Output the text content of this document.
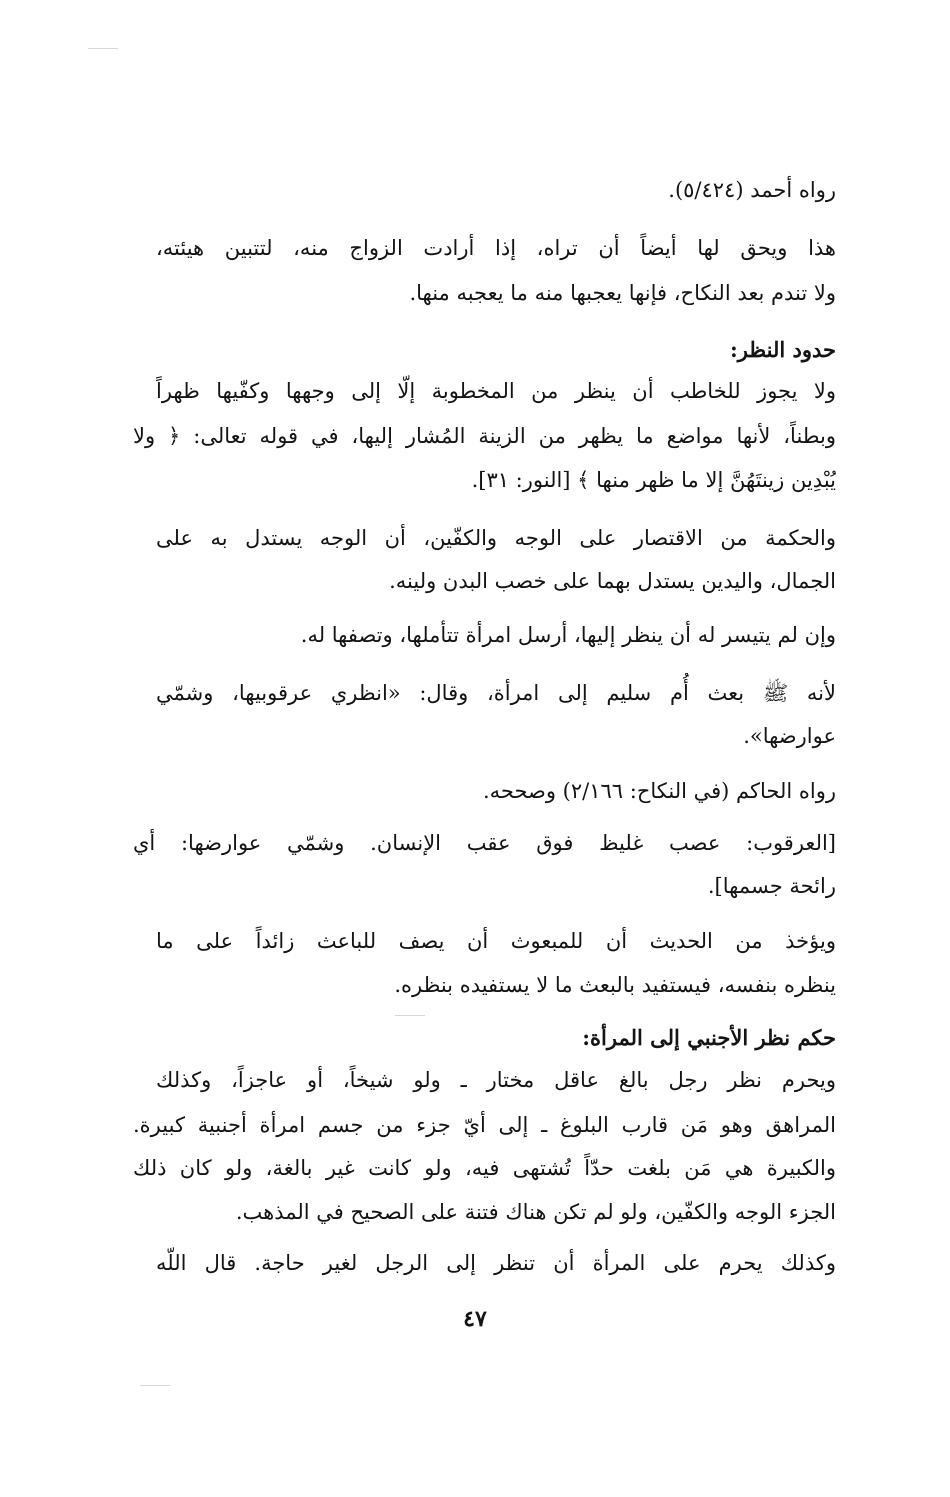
رواه أحمد (٥/٤٢٤).
هذا ويحق لها أيضاً أن تراه، إذا أرادت الزواج منه، لتتبين هيئته،
ولا تندم بعد النكاح، فإنها يعجبها منه ما يعجبه منها.
حدود النظر:
ولا يجوز للخاطب أن ينظر من المخطوبة إلّا إلى وجهها وكفّيها ظهراً
وبطناً، لأنها مواضع ما يظهر من الزينة المُشار إليها، في قوله تعالى: ﴿ ولا
يُبْدِين زينتَهُنَّ إلا ما ظهر منها ﴾ [النور: ٣١].
والحكمة من الاقتصار على الوجه والكفّين، أن الوجه يستدل به على
الجمال، واليدين يستدل بهما على خصب البدن ولينه.
وإن لم يتيسر له أن ينظر إليها، أرسل امرأة تتأملها، وتصفها له.
لأنه ﷺ بعث أُم سليم إلى امرأة، وقال: «انظري عرقوبيها، وشمّي
عوارضها».
رواه الحاكم (في النكاح: ٢/١٦٦) وصححه.
[العرقوب: عصب غليظ فوق عقب الإنسان. وشمّي عوارضها: أي
رائحة جسمها].
ويؤخذ من الحديث أن للمبعوث أن يصف للباعث زائداً على ما
ينظره بنفسه، فيستفيد بالبعث ما لا يستفيده بنظره.
حكم نظر الأجنبي إلى المرأة:
ويحرم نظر رجل بالغ عاقل مختار ـ ولو شيخاً، أو عاجزاً، وكذلك
المراهق وهو مَن قارب البلوغ ـ إلى أيّ جزء من جسم امرأة أجنبية كبيرة.
والكبيرة هي مَن بلغت حدّاً تُشتهى فيه، ولو كانت غير بالغة، ولو كان ذلك
الجزء الوجه والكفّين، ولو لم تكن هناك فتنة على الصحيح في المذهب.
وكذلك يحرم على المرأة أن تنظر إلى الرجل لغير حاجة. قال اللّه
٤٧
